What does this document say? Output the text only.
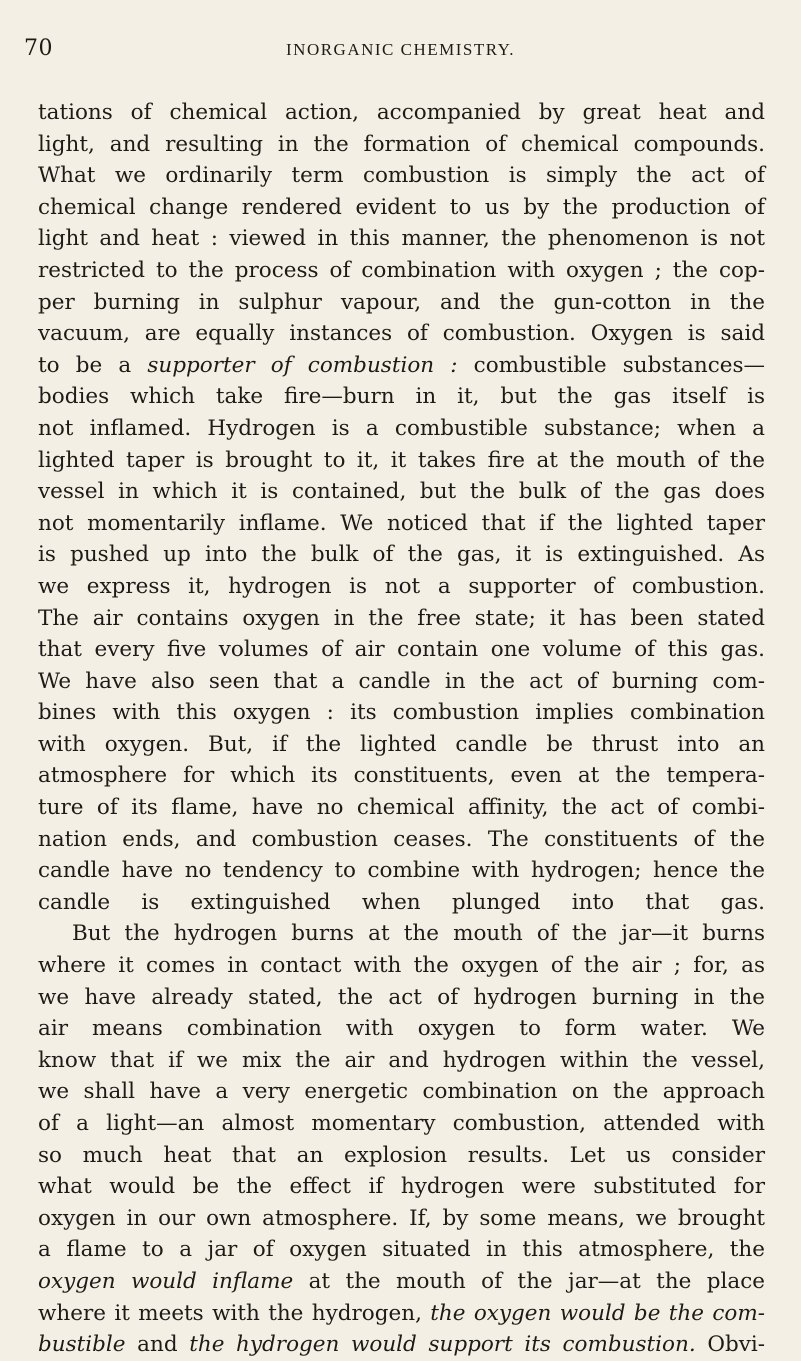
70	INORGANIC CHEMISTRY.

tations of chemical action, accompanied by great heat and

light, and resulting in the formation of chemical compounds.

What we ordinarily term combustion is simply the act of

chemical change rendered evident to us by the production of

light and heat : viewed in this manner, the phenomenon is not

restricted to the process of combination with oxygen ; the cop-

per burning in sulphur vapour, and the gun-cotton in the

vacuum, are equally instances of combustion. Oxygen is said

to be a supporter of combustion : combustible substances—

bodies which take fire—burn in it, but the gas itself is

not inflamed. Hydrogen is a combustible substance; when a

lighted taper is brought to it, it takes fire at the mouth of the

vessel in which it is contained, but the bulk of the gas does

not momentarily inflame. We noticed that if the lighted taper

is pushed up into the bulk of the gas, it is extinguished. As

we express it, hydrogen is not a supporter of combustion.

The air contains oxygen in the free state; it has been stated

that every five volumes of air contain one volume of this gas.

We have also seen that a candle in the act of burning com-

bines with this oxygen : its combustion implies combination

with oxygen. But, if the lighted candle be thrust into an

atmosphere for which its constituents, even at the tempera-

ture of its flame, have no chemical affinity, the act of combi-

nation ends, and combustion ceases. The constituents of the

candle have no tendency to combine with hydrogen; hence the

candle is extinguished when plunged into that gas.

But the hydrogen burns at the mouth of the jar—it burns

where it comes in contact with the oxygen of the air ; for, as

we have already stated, the act of hydrogen burning in the

air means combination with oxygen to form water. We

know that if we mix the air and hydrogen within the vessel,

we shall have a very energetic combination on the approach

of a light—an almost momentary combustion, attended with

so much heat that an explosion results. Let us consider

what would be the effect if hydrogen were substituted for

oxygen in our own atmosphere. If, by some means, we brought

a flame to a jar of oxygen situated in this atmosphere, the

oxygen would inflame at the mouth of the jar—at the place

where it meets with the hydrogen, the oxygen would be the com-

bustible and the hydrogen would support its combustion. Obvi-
